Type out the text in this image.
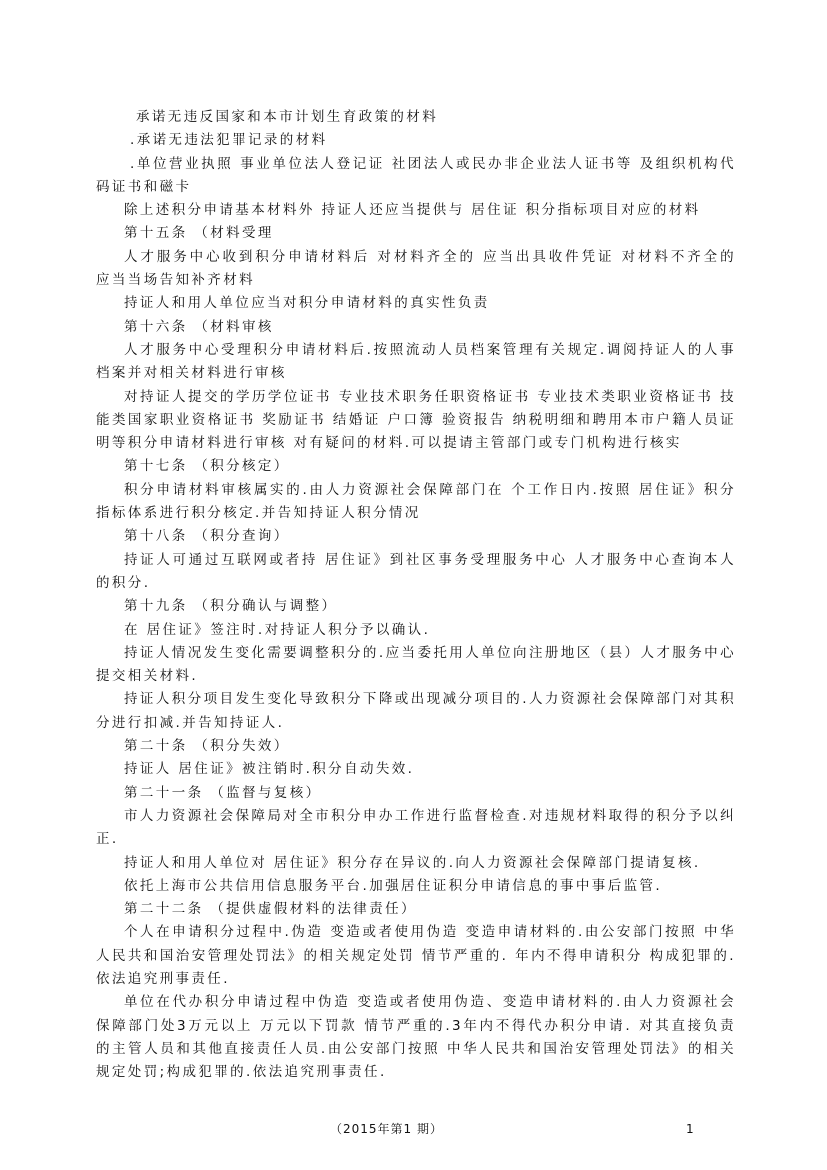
承诺无违反国家和本市计划生育政策的材料

.承诺无违法犯罪记录的材料

.单位营业执照 事业单位法人登记证 社团法人或民办非企业法人证书等 及组织机构代码证书和磁卡

除上述积分申请基本材料外 持证人还应当提供与 居住证 积分指标项目对应的材料

第十五条 （材料受理

人才服务中心收到积分申请材料后 对材料齐全的 应当出具收件凭证 对材料不齐全的 应当当场告知补齐材料

持证人和用人单位应当对积分申请材料的真实性负责

第十六条 （材料审核

人才服务中心受理积分申请材料后.按照流动人员档案管理有关规定.调阅持证人的人事档案并对相关材料进行审核

对持证人提交的学历学位证书 专业技术职务任职资格证书 专业技术类职业资格证书 技能类国家职业资格证书 奖励证书 结婚证 户口簿 验资报告 纳税明细和聘用本市户籍人员证明等积分申请材料进行审核 对有疑问的材料.可以提请主管部门或专门机构进行核实

第十七条 （积分核定）

积分申请材料审核属实的.由人力资源社会保障部门在 个工作日内.按照 居住证》积分指标体系进行积分核定.并告知持证人积分情况

第十八条 （积分查询）

持证人可通过互联网或者持 居住证》到社区事务受理服务中心 人才服务中心查询本人的积分.

第十九条 （积分确认与调整）

在 居住证》签注时.对持证人积分予以确认.

持证人情况发生变化需要调整积分的.应当委托用人单位向注册地区（县）人才服务中心提交相关材料.

持证人积分项目发生变化导致积分下降或出现减分项目的.人力资源社会保障部门对其积分进行扣减.并告知持证人.

第二十条 （积分失效）

持证人 居住证》被注销时.积分自动失效.

第二十一条 （监督与复核）

市人力资源社会保障局对全市积分申办工作进行监督检查.对违规材料取得的积分予以纠正.

持证人和用人单位对 居住证》积分存在异议的.向人力资源社会保障部门提请复核.

依托上海市公共信用信息服务平台.加强居住证积分申请信息的事中事后监管.

第二十二条 （提供虚假材料的法律责任）

个人在申请积分过程中.伪造 变造或者使用伪造 变造申请材料的.由公安部门按照 中华人民共和国治安管理处罚法》的相关规定处罚 情节严重的. 年内不得申请积分 构成犯罪的.依法追究刑事责任.

单位在代办积分申请过程中伪造 变造或者使用伪造、变造申请材料的.由人力资源社会保障部门处3万元以上 万元以下罚款 情节严重的.3年内不得代办积分申请. 对其直接负责的主管人员和其他直接责任人员.由公安部门按照 中华人民共和国治安管理处罚法》的相关规定处罚;构成犯罪的.依法追究刑事责任.

（2015年第1 期）	1
